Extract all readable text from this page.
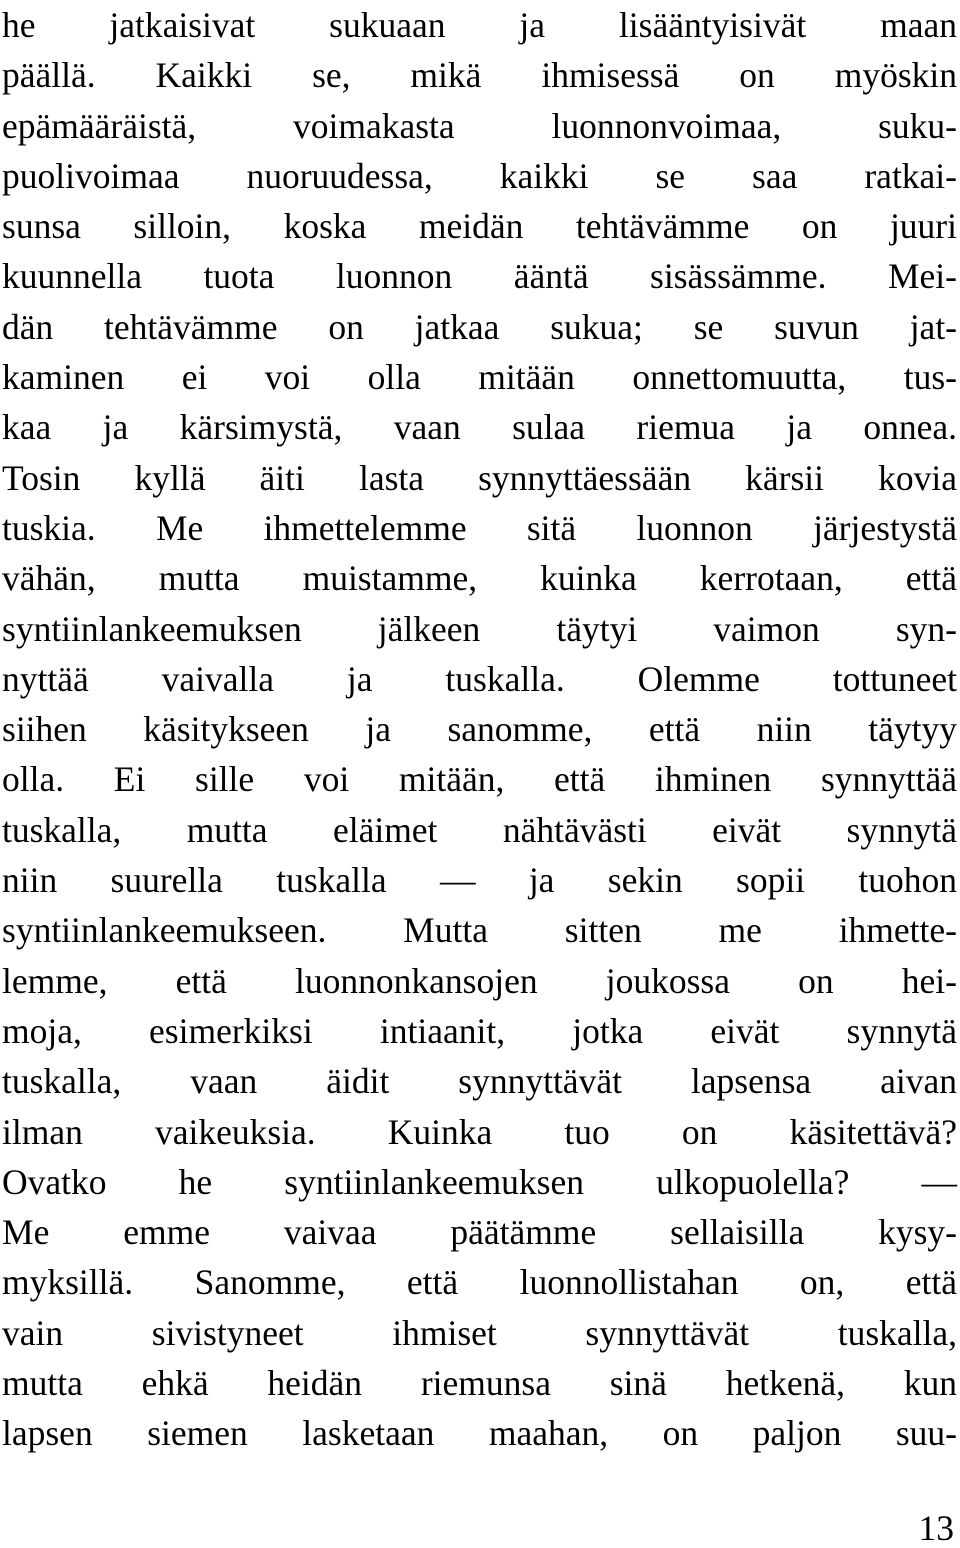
he jatkaisivat sukuaan ja lisääntyisivät maan
päällä. Kaikki se, mikä ihmisessä on myöskin
epämääräistä, voimakasta luonnonvoimaa, suku-
puolivoimaa nuoruudessa, kaikki se saa ratkai-
sunsa silloin, koska meidän tehtävämme on juuri
kuunnella tuota luonnon ääntä sisässämme. Mei-
dän tehtävämme on jatkaa sukua; se suvun jat-
kaminen ei voi olla mitään onnettomuutta, tus-
kaa ja kärsimystä, vaan sulaa riemua ja onnea.
Tosin kyllä äiti lasta synnyttäessään kärsii kovia
tuskia. Me ihmettelemme sitä luonnon järjestystä
vähän, mutta muistamme, kuinka kerrotaan, että
syntiinlankeemuksen jälkeen täytyi vaimon syn-
nyttää vaivalla ja tuskalla. Olemme tottuneet
siihen käsitykseen ja sanomme, että niin täytyy
olla. Ei sille voi mitään, että ihminen synnyttää
tuskalla, mutta eläimet nähtävästi eivät synnytä
niin suurella tuskalla — ja sekin sopii tuohon
syntiinlankeemukseen. Mutta sitten me ihmette-
lemme, että luonnonkansojen joukossa on hei-
moja, esimerkiksi intiaanit, jotka eivät synnytä
tuskalla, vaan äidit synnyttävät lapsensa aivan
ilman vaikeuksia. Kuinka tuo on käsitettävä?
Ovatko he syntiinlankeemuksen ulkopuolella? —
Me emme vaivaa päätämme sellaisilla kysy-
myksillä. Sanomme, että luonnollistahan on, että
vain sivistyneet ihmiset synnyttävät tuskalla,
mutta ehkä heidän riemunsa sinä hetkenä, kun
lapsen siemen lasketaan maahan, on paljon suu-
13
